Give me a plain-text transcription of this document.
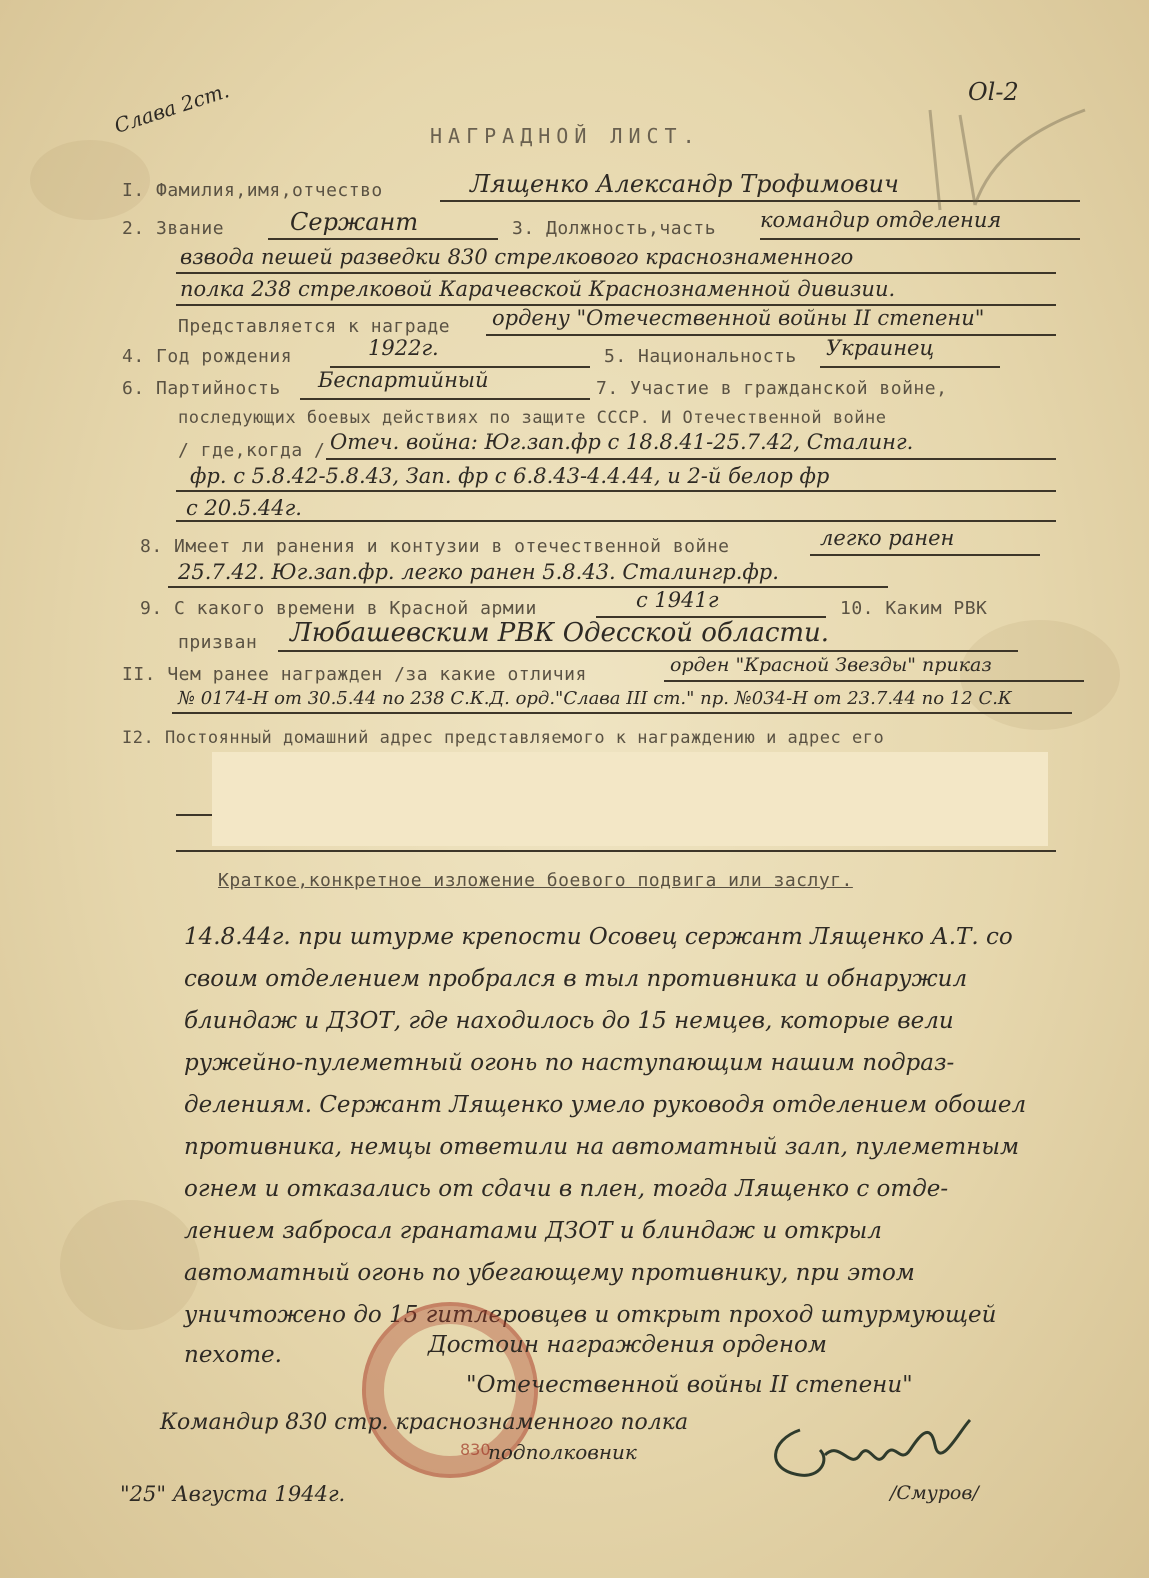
Слава 2ст.	Ol-2
НАГРАДНОЙ ЛИСТ.
I. Фамилия,имя,отчество	Лященко Александр Трофимович
2. Звание	Сержант	3. Должность,часть командир отделения
взвода пешей разведки 830 стрелкового краснознаменного
полка 238 стрелковой Карачевской Краснознаменной дивизии.
Представляется к награде ордену "Отечественной войны II степени"
4. Год рождения	1922г.	5. Национальность Украинец
6. Партийность Беспартийный	7. Участие в гражданской войне,
последующих боевых действиях по защите СССР. И Отечественной войне
/ где,когда / Отеч. война: Юг.зап.фр с 18.8.41-25.7.42, Сталинг.
фр. с 5.8.42-5.8.43, Зап. фр с 6.8.43-4.4.44, и 2-й белор фр
с 20.5.44г.
8. Имеет ли ранения и контузии в отечественной войне	легко ранен
25.7.42. Юг.зап.фр. легко ранен 5.8.43. Сталингр.фр.
9. С какого времени в Красной армии	с 1941г	10. Каким РВК
призван Любашевским РВК Одесской области.
II. Чем ранее награжден /за какие отличия	орден "Красной Звезды" приказ
№ 0174-Н от 30.5.44 по 238 С.К.Д. орд."Слава III ст." пр. №034-Н от 23.7.44 по 12 С.К
I2. Постоянный домашний адрес представляемого к награждению и адрес его
Краткое,конкретное изложение боевого подвига или заслуг.
14.8.44г. при штурме крепости Осовец сержант Лященко А.Т. со
своим отделением пробрался в тыл противника и обнаружил
блиндаж и ДЗОТ, где находилось до 15 немцев, которые вели
ружейно-пулеметный огонь по наступающим нашим подраз-
делениям. Сержант Лященко умело руководя отделением обошел
противника, немцы ответили на автоматный залп, пулеметным
огнем и отказались от сдачи в плен, тогда Лященко с отде-
лением забросал гранатами ДЗОТ и блиндаж и открыл
автоматный огонь по убегающему противнику, при этом
уничтожено до 15 гитлеровцев и открыт проход штурмующей
пехоте.
830
Достоин награждения орденом
"Отечественной войны II степени"
Командир 830 стр. краснознаменного полка
подполковник
"25" Августа 1944г.	/Смуров/
